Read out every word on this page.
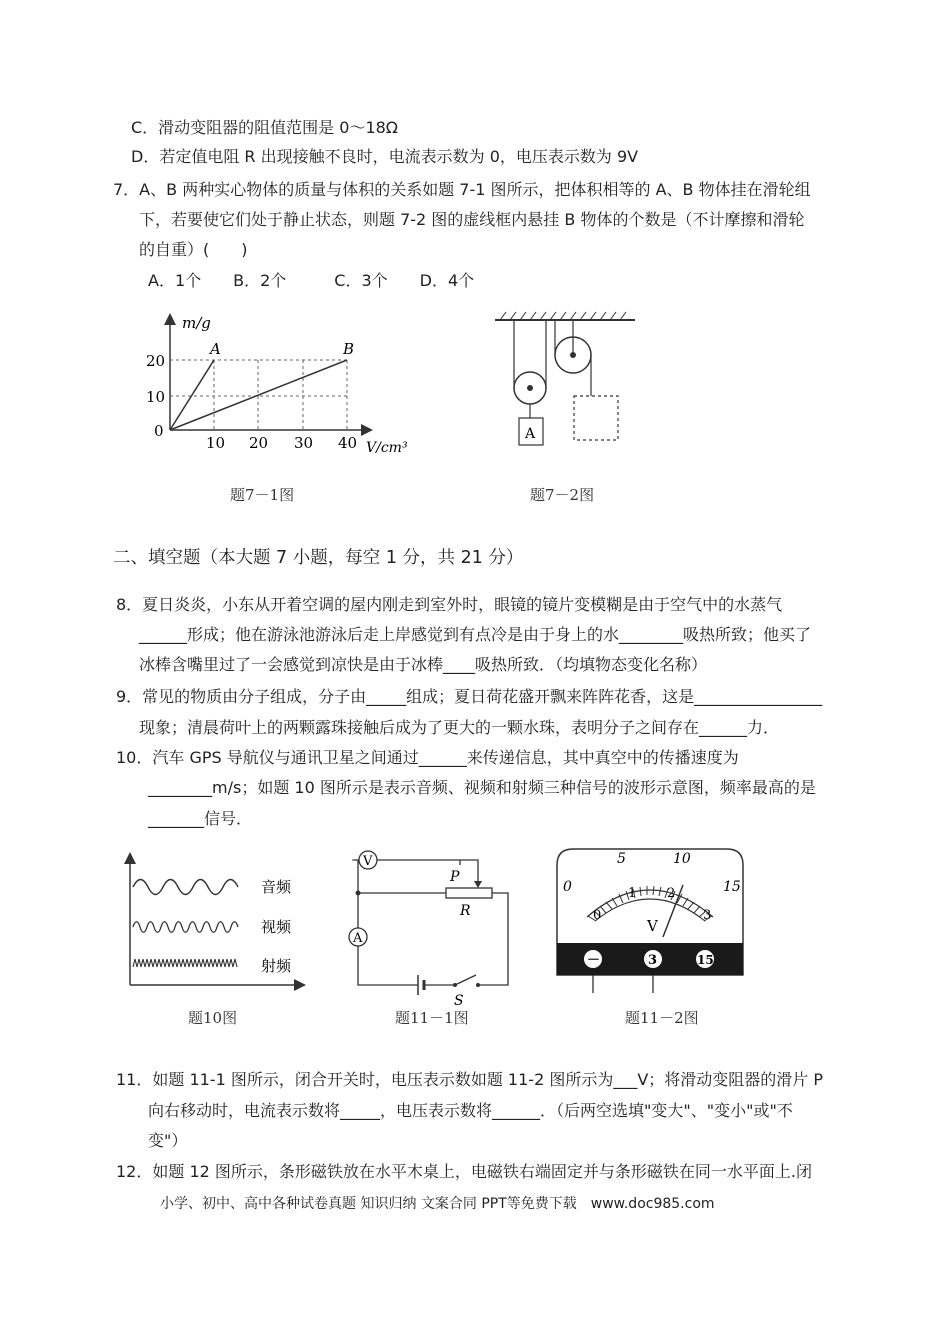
C．滑动变阻器的阻值范围是 0～18Ω
D．若定值电阻 R 出现接触不良时，电流表示数为 0，电压表示数为 9V
7．A、B 两种实心物体的质量与体积的关系如题 7-1 图所示，把体积相等的 A、B 物体挂在滑轮组
下，若要使它们处于静止状态，则题 7-2 图的虚线框内悬挂 B 物体的个数是（不计摩擦和滑轮
的自重）(　　)
A．1个　　B．2个　　　C．3个　　D．4个
m/g
A	B
20
10
0
10 20 30 40 V/cm³
题7－1图
A
题7－2图
二、填空题（本大题 7 小题，每空 1 分，共 21 分）
8．夏日炎炎，小东从开着空调的屋内刚走到室外时，眼镜的镜片变模糊是由于空气中的水蒸气
______形成；他在游泳池游泳后走上岸感觉到有点冷是由于身上的水________吸热所致；他买了
冰棒含嘴里过了一会感觉到凉快是由于冰棒____吸热所致．（均填物态变化名称）
9．常见的物质由分子组成，分子由_____组成；夏日荷花盛开飘来阵阵花香，这是________________
现象；清晨荷叶上的两颗露珠接触后成为了更大的一颗水珠，表明分子之间存在______力．
10．汽车 GPS 导航仪与通讯卫星之间通过______来传递信息，其中真空中的传播速度为
________m/s；如题 10 图所示是表示音频、视频和射频三种信号的波形示意图，频率最高的是
_______信号．
音频
视频
射频
题10图
V
P
R
A
S
题11－1图
0
5	10
15
0
1 2
3
V
－	3	15
题11－2图
11．如题 11-1 图所示，闭合开关时，电压表示数如题 11-2 图所示为___V；将滑动变阻器的滑片 P
向右移动时，电流表示数将_____，电压表示数将______．（后两空选填"变大"、"变小"或"不
变"）
12．如题 12 图所示，条形磁铁放在水平木桌上，电磁铁右端固定并与条形磁铁在同一水平面上.闭
小学、初中、高中各种试卷真题 知识归纳 文案合同 PPT等免费下载　www.doc985.com
